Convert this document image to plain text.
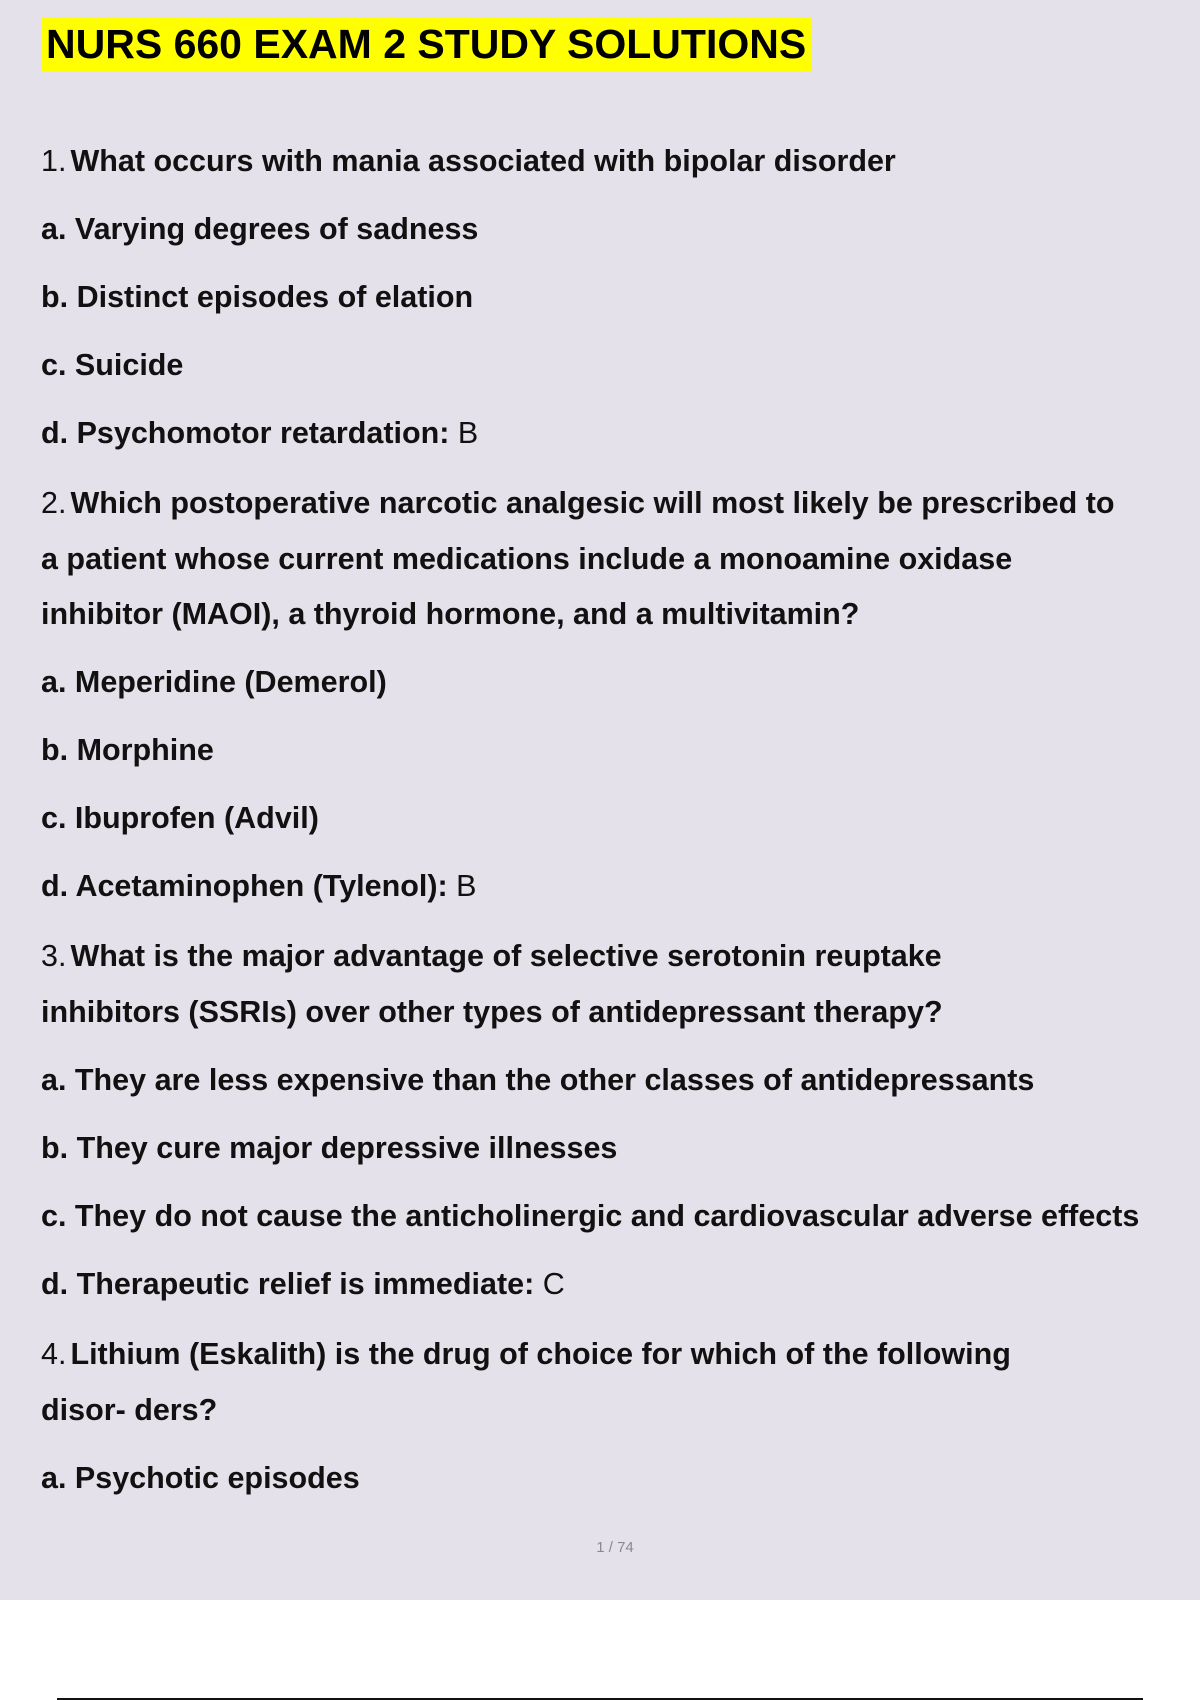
NURS 660 EXAM 2 STUDY SOLUTIONS
1. What occurs with mania associated with bipolar disorder
a. Varying degrees of sadness
b. Distinct episodes of elation
c. Suicide
d. Psychomotor retardation: B
2. Which postoperative narcotic analgesic will most likely be prescribed to
a patient whose current medications include a monoamine oxidase
inhibitor (MAOI), a thyroid hormone, and a multivitamin?
a. Meperidine (Demerol)
b. Morphine
c. Ibuprofen (Advil)
d. Acetaminophen (Tylenol): B
3. What is the major advantage of selective serotonin reuptake
inhibitors (SSRIs) over other types of antidepressant therapy?
a. They are less expensive than the other classes of antidepressants
b. They cure major depressive illnesses
c. They do not cause the anticholinergic and cardiovascular adverse effects
d. Therapeutic relief is immediate: C
4. Lithium (Eskalith) is the drug of choice for which of the following
disor- ders?
a. Psychotic episodes
1 / 74
